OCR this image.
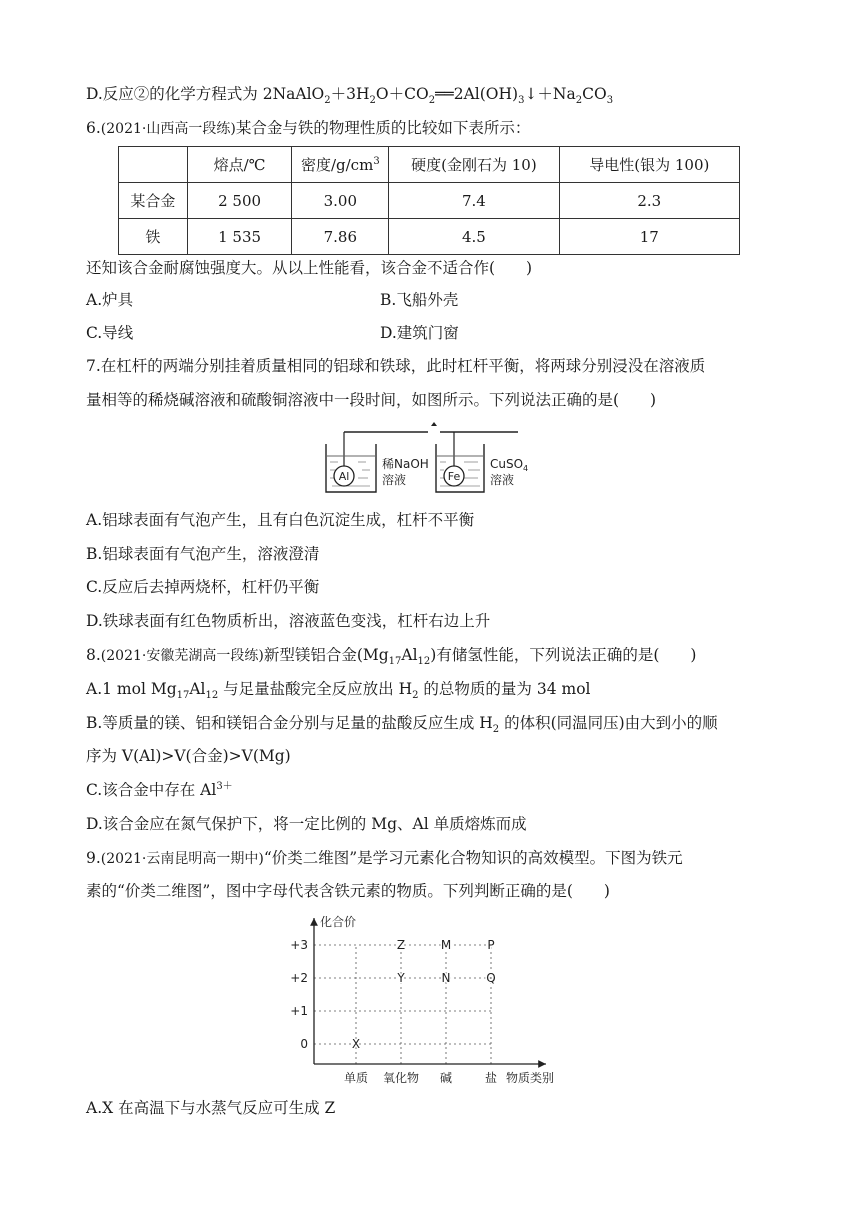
D.反应②的化学方程式为 $2NaAlO_2+3H_2O+CO_2══2Al(OH)_3↓+Na_2CO_3$
6.(2021·山西高一段练)某合金与铁的物理性质的比较如下表所示：
	熔点/℃	密度$/g/cm^3$	硬度(金刚石为 10)	导电性(银为 100)
某合金	2 500	3.00	7.4	2.3
铁	1 535	7.86	4.5	17
还知该合金耐腐蚀强度大。从以上性能看，该合金不适合作(　　)
A.炉具	B.飞船外壳
C.导线	D.建筑门窗
7.在杠杆的两端分别挂着质量相同的铝球和铁球，此时杠杆平衡，将两球分别浸没在溶液质
量相等的稀烧碱溶液和硫酸铜溶液中一段时间，如图所示。下列说法正确的是(　　)
Al
稀NaOH
溶液	Fe
CuSO$_4$
溶液
A.铝球表面有气泡产生，且有白色沉淀生成，杠杆不平衡
B.铝球表面有气泡产生，溶液澄清
C.反应后去掉两烧杯，杠杆仍平衡
D.铁球表面有红色物质析出，溶液蓝色变浅，杠杆右边上升
8.(2021·安徽芜湖高一段练)新型镁铝合金$(Mg_{17}Al_{12})$有储氢性能，下列说法正确的是(　　)
A.1 mol $Mg_{17}Al_{12}$ 与足量盐酸完全反应放出 $H_2$ 的总物质的量为 34 mol
B.等质量的镁、铝和镁铝合金分别与足量的盐酸反应生成 $H_2$ 的体积(同温同压)由大到小的顺
序为 V(Al)>V(合金)>V(Mg)
C.该合金中存在 $Al^{3+}$
D.该合金应在氮气保护下，将一定比例的 Mg、Al 单质熔炼而成
9.(2021·云南昆明高一期中)“价类二维图”是学习元素化合物知识的高效模型。下图为铁元
素的“价类二维图”，图中字母代表含铁元素的物质。下列判断正确的是(　　)
化合价
物质类别
0
+1
+2
+3
单质 氧化物 碱	盐
X
Z
Y
M
N
P
Q
A.X 在高温下与水蒸气反应可生成 Z
